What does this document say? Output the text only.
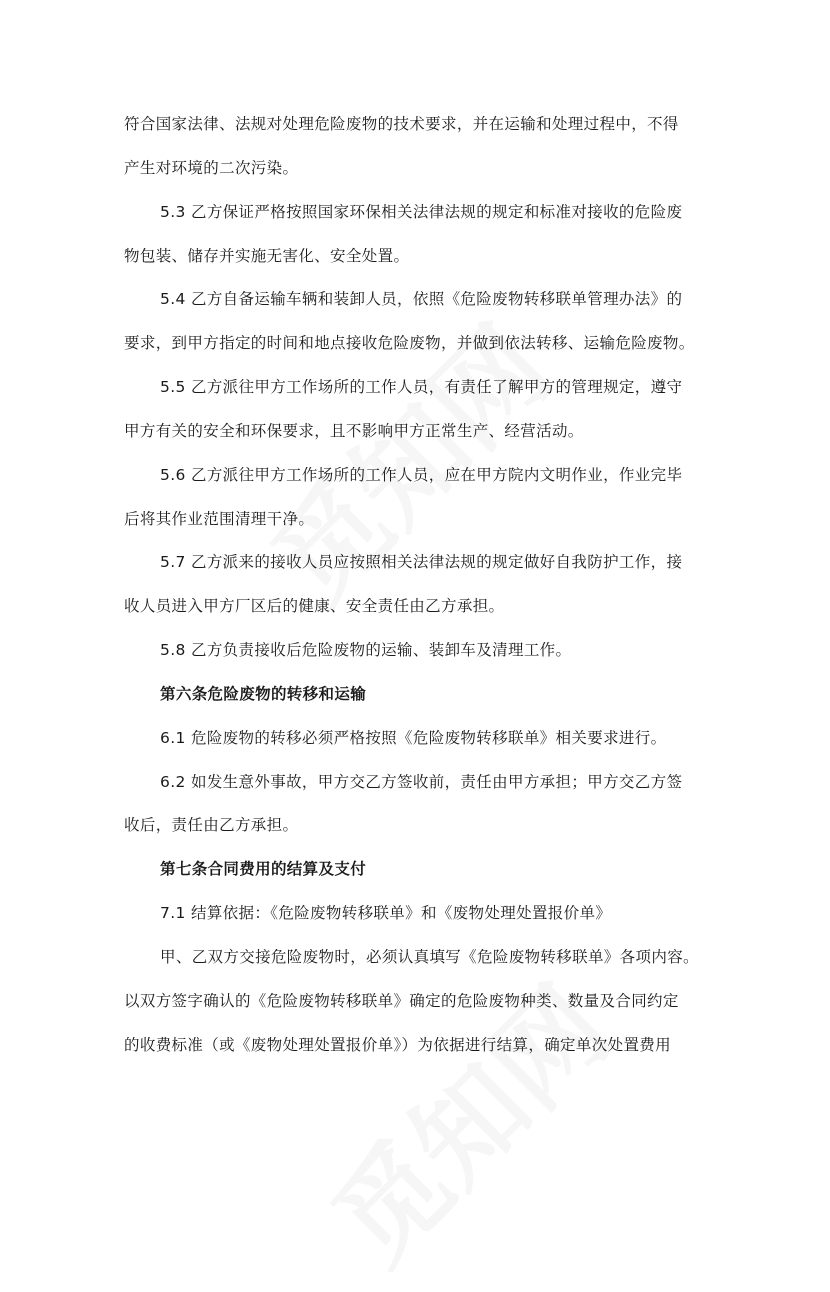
符合国家法律、法规对处理危险废物的技术要求，并在运输和处理过程中，不得
产生对环境的二次污染。
5.3 乙方保证严格按照国家环保相关法律法规的规定和标准对接收的危险废
物包装、储存并实施无害化、安全处置。
5.4 乙方自备运输车辆和装卸人员，依照《危险废物转移联单管理办法》的
要求，到甲方指定的时间和地点接收危险废物，并做到依法转移、运输危险废物。
5.5 乙方派往甲方工作场所的工作人员，有责任了解甲方的管理规定，遵守
甲方有关的安全和环保要求，且不影响甲方正常生产、经营活动。
5.6 乙方派往甲方工作场所的工作人员，应在甲方院内文明作业，作业完毕
后将其作业范围清理干净。
5.7 乙方派来的接收人员应按照相关法律法规的规定做好自我防护工作，接
收人员进入甲方厂区后的健康、安全责任由乙方承担。
5.8 乙方负责接收后危险废物的运输、装卸车及清理工作。
第六条危险废物的转移和运输
6.1 危险废物的转移必须严格按照《危险废物转移联单》相关要求进行。
6.2 如发生意外事故，甲方交乙方签收前，责任由甲方承担；甲方交乙方签
收后，责任由乙方承担。
第七条合同费用的结算及支付
7.1 结算依据：《危险废物转移联单》和《废物处理处置报价单》
甲、乙双方交接危险废物时，必须认真填写《危险废物转移联单》各项内容。
以双方签字确认的《危险废物转移联单》确定的危险废物种类、数量及合同约定
的收费标准（或《废物处理处置报价单》）为依据进行结算，确定单次处置费用
